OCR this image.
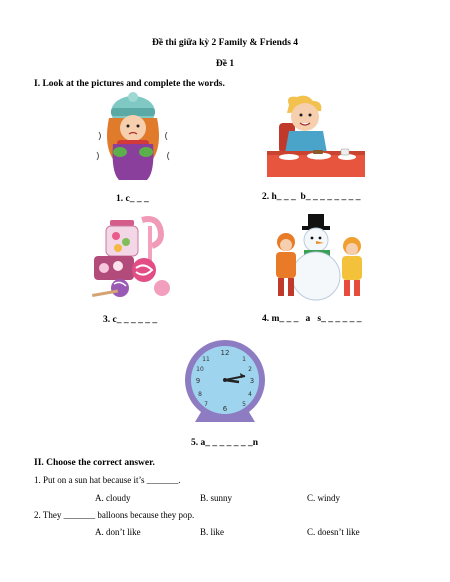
Đề thi giữa kỳ 2 Family & Friends 4
Đề 1
I. Look at the pictures and complete the words.
1. c_ _ _	2. h_ _ _  b_ _ _ _ _ _ _ _
3. c_ _ _ _ _ _	4. m_ _ _   a   s_ _ _ _ _ _
12
3
6
9
11	1
2
4
5
7
8
10
5. a_ _ _ _ _ _ _n
II. Choose the correct answer.
1. Put on a sun hat because it’s _______.
A. cloudy	B. sunny	C. windy
2. They _______ balloons because they pop.
A. don’t like	B. like	C. doesn’t like
